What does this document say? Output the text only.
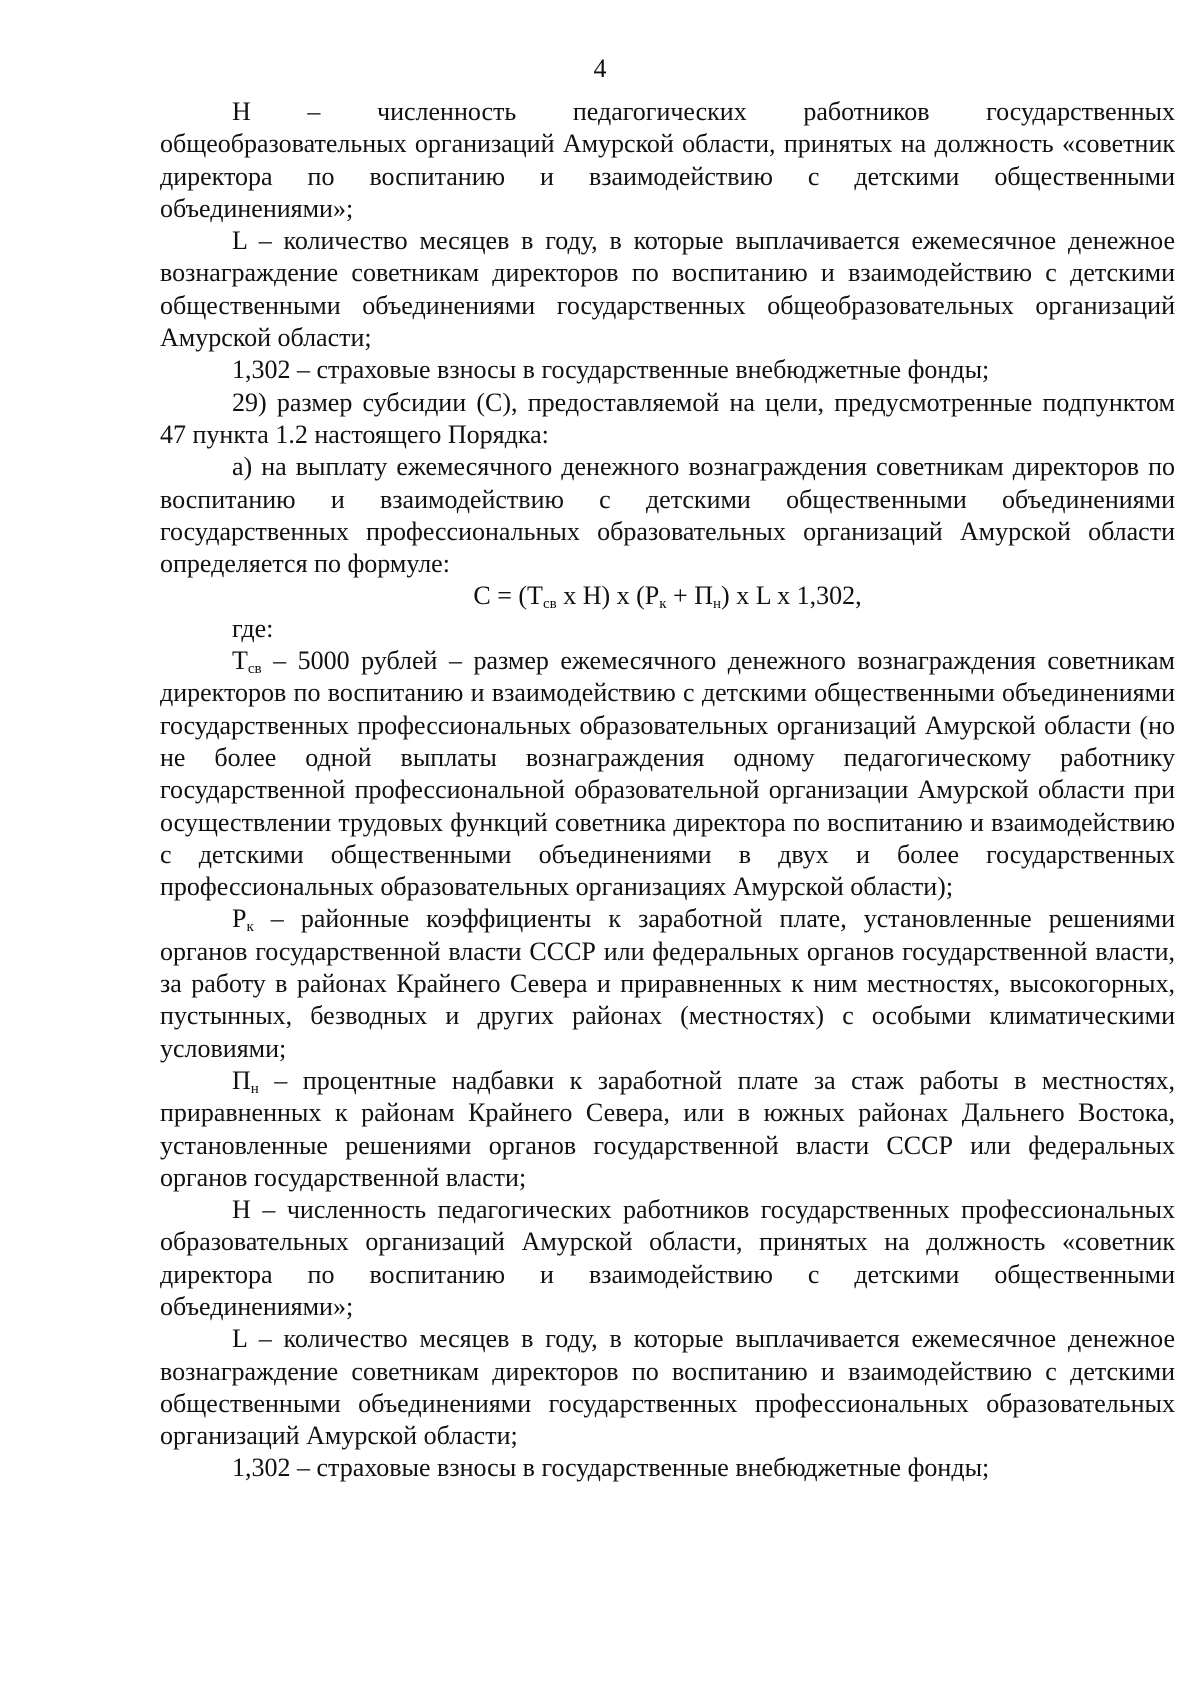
4

Н – численность педагогических работников государственных общеобразовательных организаций Амурской области, принятых на должность «советник директора по воспитанию и взаимодействию с детскими общественными объединениями»;

L – количество месяцев в году, в которые выплачивается ежемесячное денежное вознаграждение советникам директоров по воспитанию и взаимодействию с детскими общественными объединениями государственных общеобразовательных организаций Амурской области;

1,302 – страховые взносы в государственные внебюджетные фонды;

29) размер субсидии (С), предоставляемой на цели, предусмотренные подпунктом 47 пункта 1.2 настоящего Порядка:

а) на выплату ежемесячного денежного вознаграждения советникам директоров по воспитанию и взаимодействию с детскими общественными объединениями государственных профессиональных образовательных организаций Амурской области определяется по формуле:

$С = (Т_{св}$ х Н) х $(Р_к + П_н)$ х L х 1,302,

где:

$Т_{св} - 5000$ рублей – размер ежемесячного денежного вознаграждения советникам директоров по воспитанию и взаимодействию с детскими общественными объединениями государственных профессиональных образовательных организаций Амурской области (но не более одной выплаты вознаграждения одному педагогическому работнику государственной профессиональной образовательной организации Амурской области при осуществлении трудовых функций советника директора по воспитанию и взаимодействию с детскими общественными объединениями в двух и более государственных профессиональных образовательных организациях Амурской области);

$Р_к$ – районные коэффициенты к заработной плате, установленные решениями органов государственной власти СССР или федеральных органов государственной власти, за работу в районах Крайнего Севера и приравненных к ним местностях, высокогорных, пустынных, безводных и других районах (местностях) с особыми климатическими условиями;

$П_н$ – процентные надбавки к заработной плате за стаж работы в местностях, приравненных к районам Крайнего Севера, или в южных районах Дальнего Востока, установленные решениями органов государственной власти СССР или федеральных органов государственной власти;

Н – численность педагогических работников государственных профессиональных образовательных организаций Амурской области, принятых на должность «советник директора по воспитанию и взаимодействию с детскими общественными объединениями»;

L – количество месяцев в году, в которые выплачивается ежемесячное денежное вознаграждение советникам директоров по воспитанию и взаимодействию с детскими общественными объединениями государственных профессиональных образовательных организаций Амурской области;

1,302 – страховые взносы в государственные внебюджетные фонды;
